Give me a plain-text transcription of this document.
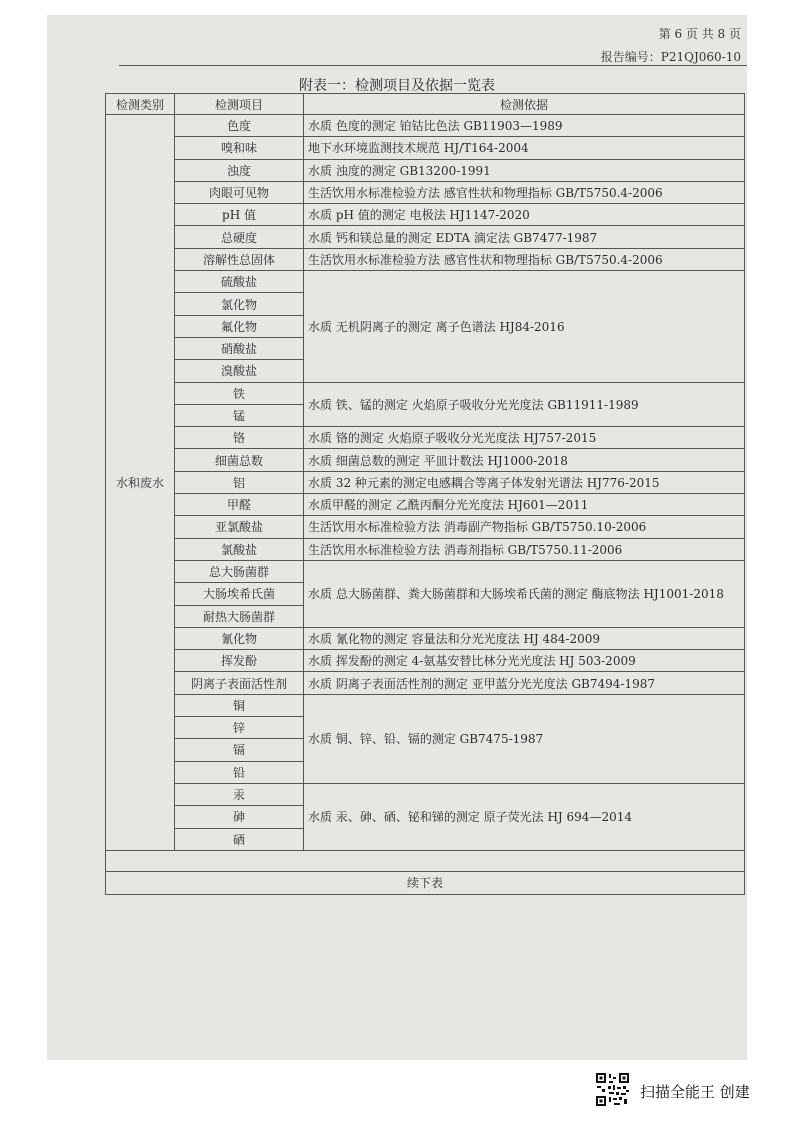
第 6 页 共 8 页
报告编号：P21QJ060-10
附表一：检测项目及依据一览表
检测类别	检测项目	检测依据
水和废水	色度	水质 色度的测定 铂钴比色法 GB11903—1989
	嗅和味	地下水环境监测技术规范 HJ/T164-2004
	浊度	水质 浊度的测定 GB13200-1991
	肉眼可见物	生活饮用水标准检验方法 感官性状和物理指标 GB/T5750.4-2006
	pH 值	水质 pH 值的测定 电极法 HJ1147-2020
	总硬度	水质 钙和镁总量的测定 EDTA 滴定法 GB7477-1987
	溶解性总固体	生活饮用水标准检验方法 感官性状和物理指标 GB/T5750.4-2006
	硫酸盐	水质 无机阴离子的测定 离子色谱法 HJ84-2016
	氯化物	
	氟化物	
	硝酸盐	
	溴酸盐	
	铁	水质 铁、锰的测定 火焰原子吸收分光光度法 GB11911-1989
	锰	
	铬	水质 铬的测定 火焰原子吸收分光光度法 HJ757-2015
	细菌总数	水质 细菌总数的测定 平皿计数法 HJ1000-2018
	铝	水质 32 种元素的测定电感耦合等离子体发射光谱法 HJ776-2015
	甲醛	水质甲醛的测定 乙酰丙酮分光光度法 HJ601—2011
	亚氯酸盐	生活饮用水标准检验方法 消毒副产物指标 GB/T5750.10-2006
	氯酸盐	生活饮用水标准检验方法 消毒剂指标 GB/T5750.11-2006
	总大肠菌群	水质 总大肠菌群、粪大肠菌群和大肠埃希氏菌的测定 酶底物法 HJ1001-2018
	大肠埃希氏菌	
	耐热大肠菌群	
	氰化物	水质 氰化物的测定 容量法和分光光度法 HJ 484-2009
	挥发酚	水质 挥发酚的测定 4-氨基安替比林分光光度法 HJ 503-2009
	阴离子表面活性剂	水质 阴离子表面活性剂的测定 亚甲蓝分光光度法 GB7494-1987
	铜	水质 铜、锌、铅、镉的测定 GB7475-1987
	锌	
	镉	
	铅	
	汞	水质 汞、砷、硒、铋和锑的测定 原子荧光法 HJ 694—2014
	砷	
	硒	

续下表		
扫描全能王 创建
